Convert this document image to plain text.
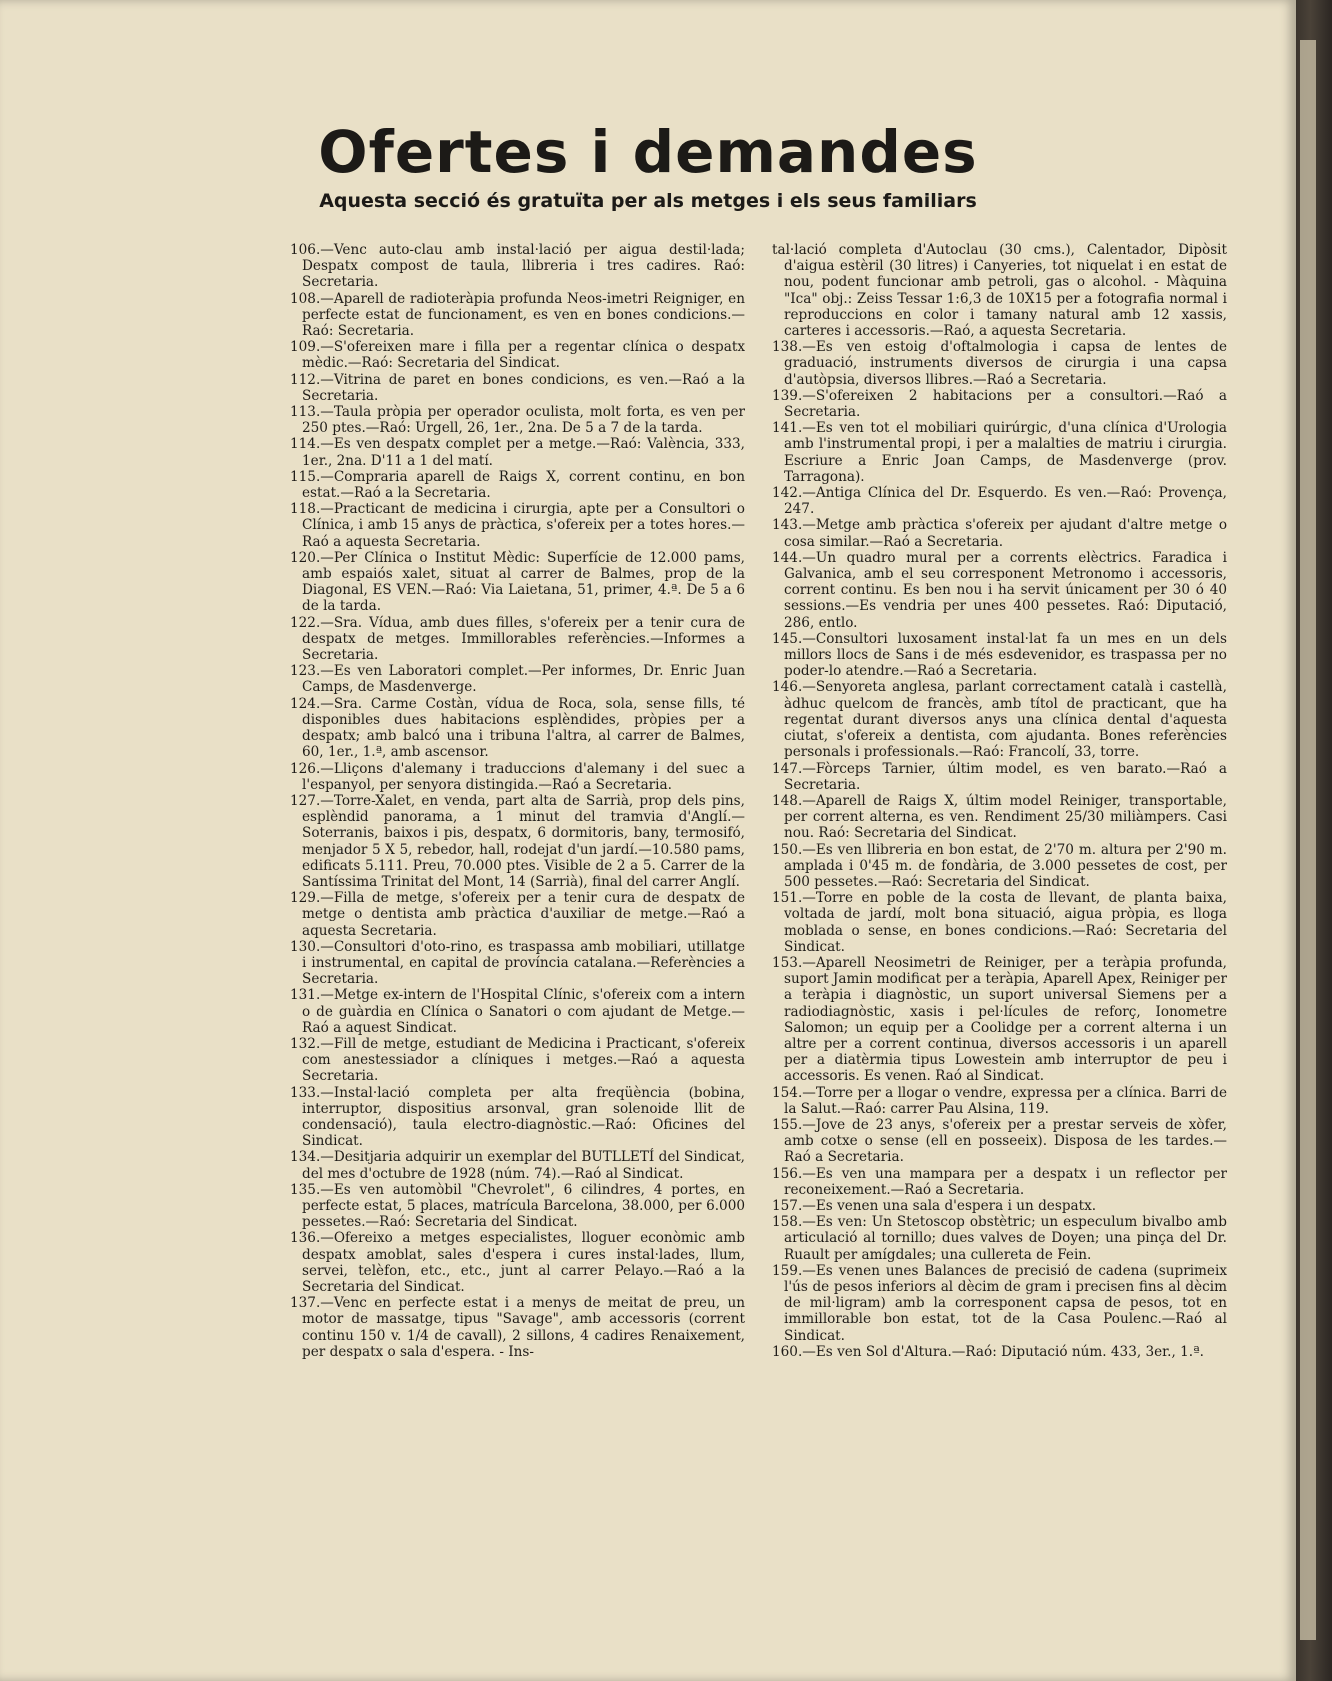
Ofertes i demandes
Aquesta secció és gratuïta per als metges i els seus familiars

106.—Venc auto-clau amb instal·lació per aigua destil·lada; Despatx compost de taula, llibreria i tres cadires. Raó: Secretaria.

108.—Aparell de radioteràpia profunda Neos-imetri Reigniger, en perfecte estat de funcionament, es ven en bones condicions.—Raó: Secretaria.

109.—S'ofereixen mare i filla per a regentar clínica o despatx mèdic.—Raó: Secretaria del Sindicat.

112.—Vitrina de paret en bones condicions, es ven.—Raó a la Secretaria.

113.—Taula pròpia per operador oculista, molt forta, es ven per 250 ptes.—Raó: Urgell, 26, 1er., 2na. De 5 a 7 de la tarda.

114.—Es ven despatx complet per a metge.—Raó: València, 333, 1er., 2na. D'11 a 1 del matí.

115.—Compraria aparell de Raigs X, corrent continu, en bon estat.—Raó a la Secretaria.

118.—Practicant de medicina i cirurgia, apte per a Consultori o Clínica, i amb 15 anys de pràctica, s'ofereix per a totes hores.—Raó a aquesta Secretaria.

120.—Per Clínica o Institut Mèdic: Superfície de 12.000 pams, amb espaiós xalet, situat al carrer de Balmes, prop de la Diagonal, ES VEN.—Raó: Via Laietana, 51, primer, 4.ª. De 5 a 6 de la tarda.

122.—Sra. Vídua, amb dues filles, s'ofereix per a tenir cura de despatx de metges. Immillorables referències.—Informes a Secretaria.

123.—Es ven Laboratori complet.—Per informes, Dr. Enric Juan Camps, de Masdenverge.

124.—Sra. Carme Costàn, vídua de Roca, sola, sense fills, té disponibles dues habitacions esplèndides, pròpies per a despatx; amb balcó una i tribuna l'altra, al carrer de Balmes, 60, 1er., 1.ª, amb ascensor.

126.—Lliçons d'alemany i traduccions d'alemany i del suec a l'espanyol, per senyora distingida.—Raó a Secretaria.

127.—Torre-Xalet, en venda, part alta de Sarrià, prop dels pins, esplèndid panorama, a 1 minut del tramvia d'Anglí.—Soterranis, baixos i pis, despatx, 6 dormitoris, bany, termosifó, menjador 5 X 5, rebedor, hall, rodejat d'un jardí.—10.580 pams, edificats 5.111. Preu, 70.000 ptes. Visible de 2 a 5. Carrer de la Santíssima Trinitat del Mont, 14 (Sarrià), final del carrer Anglí.

129.—Filla de metge, s'ofereix per a tenir cura de despatx de metge o dentista amb pràctica d'auxiliar de metge.—Raó a aquesta Secretaria.

130.—Consultori d'oto-rino, es traspassa amb mobiliari, utillatge i instrumental, en capital de província catalana.—Referències a Secretaria.

131.—Metge ex-intern de l'Hospital Clínic, s'ofereix com a intern o de guàrdia en Clínica o Sanatori o com ajudant de Metge.—Raó a aquest Sindicat.

132.—Fill de metge, estudiant de Medicina i Practicant, s'ofereix com anestessiador a clíniques i metges.—Raó a aquesta Secretaria.

133.—Instal·lació completa per alta freqüència (bobina, interruptor, dispositius arsonval, gran solenoide llit de condensació), taula electro-diagnòstic.—Raó: Oficines del Sindicat.

134.—Desitjaria adquirir un exemplar del BUTLLETÍ del Sindicat, del mes d'octubre de 1928 (núm. 74).—Raó al Sindicat.

135.—Es ven automòbil "Chevrolet", 6 cilindres, 4 portes, en perfecte estat, 5 places, matrícula Barcelona, 38.000, per 6.000 pessetes.—Raó: Secretaria del Sindicat.

136.—Ofereixo a metges especialistes, lloguer econòmic amb despatx amoblat, sales d'espera i cures instal·lades, llum, servei, telèfon, etc., etc., junt al carrer Pelayo.—Raó a la Secretaria del Sindicat.

137.—Venc en perfecte estat i a menys de meitat de preu, un motor de massatge, tipus "Savage", amb accessoris (corrent continu 150 v. 1/4 de cavall), 2 sillons, 4 cadires Renaixement, per despatx o sala d'espera. - Ins-

tal·lació completa d'Autoclau (30 cms.), Calentador, Dipòsit d'aigua estèril (30 litres) i Canyeries, tot niquelat i en estat de nou, podent funcionar amb petroli, gas o alcohol. - Màquina "Ica" obj.: Zeiss Tessar 1:6,3 de 10X15 per a fotografia normal i reproduccions en color i tamany natural amb 12 xassis, carteres i accessoris.—Raó, a aquesta Secretaria.

138.—Es ven estoig d'oftalmologia i capsa de lentes de graduació, instruments diversos de cirurgia i una capsa d'autòpsia, diversos llibres.—Raó a Secretaria.

139.—S'ofereixen 2 habitacions per a consultori.—Raó a Secretaria.

141.—Es ven tot el mobiliari quirúrgic, d'una clínica d'Urologia amb l'instrumental propi, i per a malalties de matriu i cirurgia. Escriure a Enric Joan Camps, de Masdenverge (prov. Tarragona).

142.—Antiga Clínica del Dr. Esquerdo. Es ven.—Raó: Provença, 247.

143.—Metge amb pràctica s'ofereix per ajudant d'altre metge o cosa similar.—Raó a Secretaria.

144.—Un quadro mural per a corrents elèctrics. Faradica i Galvanica, amb el seu corresponent Metronomo i accessoris, corrent continu. Es ben nou i ha servit únicament per 30 ó 40 sessions.—Es vendria per unes 400 pessetes. Raó: Diputació, 286, entlo.

145.—Consultori luxosament instal·lat fa un mes en un dels millors llocs de Sans i de més esdevenidor, es traspassa per no poder-lo atendre.—Raó a Secretaria.

146.—Senyoreta anglesa, parlant correctament català i castellà, àdhuc quelcom de francès, amb títol de practicant, que ha regentat durant diversos anys una clínica dental d'aquesta ciutat, s'ofereix a dentista, com ajudanta. Bones referències personals i professionals.—Raó: Francolí, 33, torre.

147.—Fòrceps Tarnier, últim model, es ven barato.—Raó a Secretaria.

148.—Aparell de Raigs X, últim model Reiniger, transportable, per corrent alterna, es ven. Rendiment 25/30 miliàmpers. Casi nou. Raó: Secretaria del Sindicat.

150.—Es ven llibreria en bon estat, de 2'70 m. altura per 2'90 m. amplada i 0'45 m. de fondària, de 3.000 pessetes de cost, per 500 pessetes.—Raó: Secretaria del Sindicat.

151.—Torre en poble de la costa de llevant, de planta baixa, voltada de jardí, molt bona situació, aigua pròpia, es lloga moblada o sense, en bones condicions.—Raó: Secretaria del Sindicat.

153.—Aparell Neosimetri de Reiniger, per a teràpia profunda, suport Jamin modificat per a teràpia, Aparell Apex, Reiniger per a teràpia i diagnòstic, un suport universal Siemens per a radiodiagnòstic, xasis i pel·lícules de reforç, Ionometre Salomon; un equip per a Coolidge per a corrent alterna i un altre per a corrent continua, diversos accessoris i un aparell per a diatèrmia tipus Lowestein amb interruptor de peu i accessoris. Es venen. Raó al Sindicat.

154.—Torre per a llogar o vendre, expressa per a clínica. Barri de la Salut.—Raó: carrer Pau Alsina, 119.

155.—Jove de 23 anys, s'ofereix per a prestar serveis de xòfer, amb cotxe o sense (ell en posseeix). Disposa de les tardes.—Raó a Secretaria.

156.—Es ven una mampara per a despatx i un reflector per reconeixement.—Raó a Secretaria.

157.—Es venen una sala d'espera i un despatx.

158.—Es ven: Un Stetoscop obstètric; un especulum bivalbo amb articulació al tornillo; dues valves de Doyen; una pinça del Dr. Ruault per amígdales; una cullereta de Fein.

159.—Es venen unes Balances de precisió de cadena (suprimeix l'ús de pesos inferiors al dècim de gram i precisen fins al dècim de mil·ligram) amb la corresponent capsa de pesos, tot en immillorable bon estat, tot de la Casa Poulenc.—Raó al Sindicat.

160.—Es ven Sol d'Altura.—Raó: Diputació núm. 433, 3er., 1.ª.
